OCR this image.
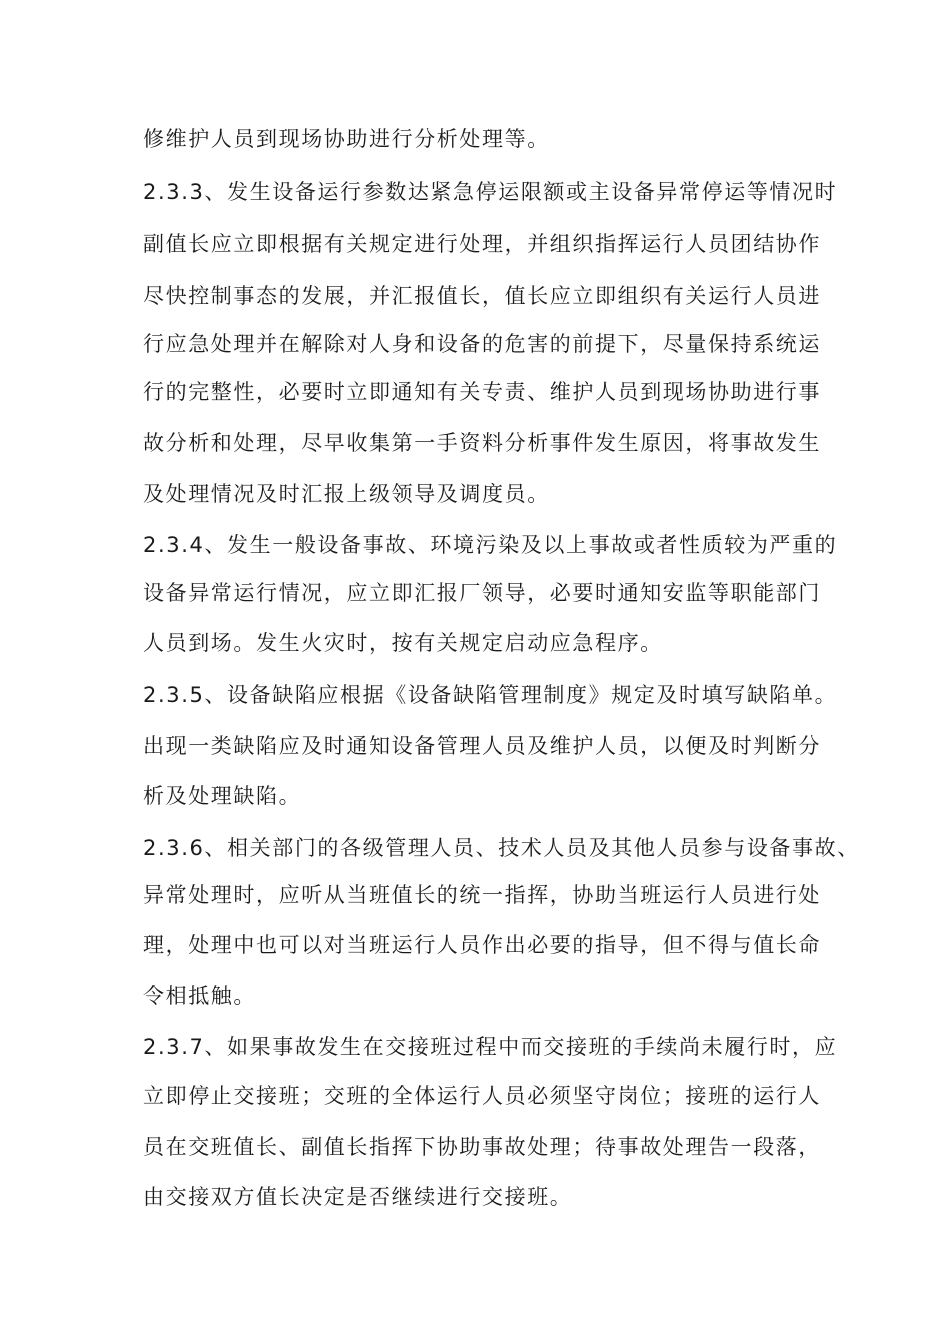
修维护人员到现场协助进行分析处理等。
2.3.3、发生设备运行参数达紧急停运限额或主设备异常停运等情况时
副值长应立即根据有关规定进行处理，并组织指挥运行人员团结协作
尽快控制事态的发展，并汇报值长，值长应立即组织有关运行人员进
行应急处理并在解除对人身和设备的危害的前提下，尽量保持系统运
行的完整性，必要时立即通知有关专责、维护人员到现场协助进行事
故分析和处理，尽早收集第一手资料分析事件发生原因，将事故发生
及处理情况及时汇报上级领导及调度员。
2.3.4、发生一般设备事故、环境污染及以上事故或者性质较为严重的
设备异常运行情况，应立即汇报厂领导，必要时通知安监等职能部门
人员到场。发生火灾时，按有关规定启动应急程序。
2.3.5、设备缺陷应根据《设备缺陷管理制度》规定及时填写缺陷单。
出现一类缺陷应及时通知设备管理人员及维护人员，以便及时判断分
析及处理缺陷。
2.3.6、相关部门的各级管理人员、技术人员及其他人员参与设备事故、
异常处理时，应听从当班值长的统一指挥，协助当班运行人员进行处
理，处理中也可以对当班运行人员作出必要的指导，但不得与值长命
令相抵触。
2.3.7、如果事故发生在交接班过程中而交接班的手续尚未履行时，应
立即停止交接班；交班的全体运行人员必须坚守岗位；接班的运行人
员在交班值长、副值长指挥下协助事故处理；待事故处理告一段落，
由交接双方值长决定是否继续进行交接班。
